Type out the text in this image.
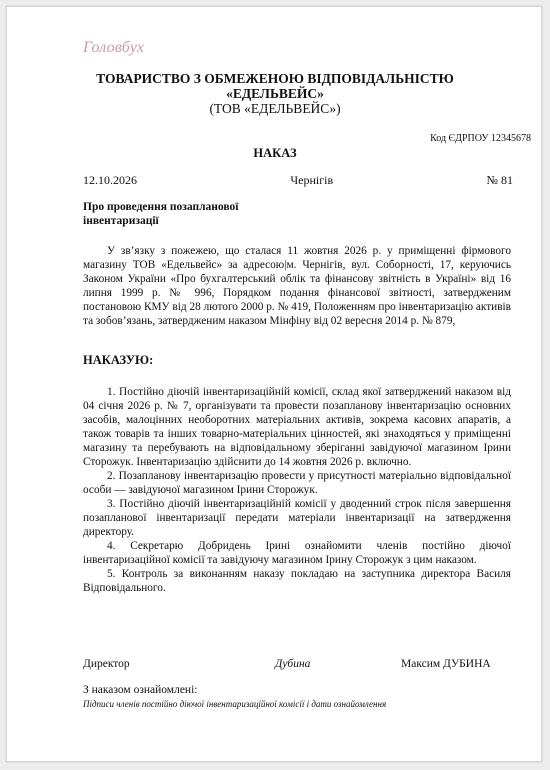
Головбух
ТОВАРИСТВО З ОБМЕЖЕНОЮ ВІДПОВІДАЛЬНІСТЮ
«ЕДЕЛЬВЕЙС»
(ТОВ «ЕДЕЛЬВЕЙС»)
Код ЄДРПОУ 12345678
НАКАЗ
12.10.2026	Чернігів	№ 81
Про проведення позапланової інвентаризації
У зв’язку з пожежею, що сталася 11 жовтня 2026 р. у приміщенні фірмового магазину ТОВ «Едельвейс» за адресою|м. Чернігів, вул. Соборності, 17, керуючись Законом України «Про бухгалтерський облік та фінансову звітність в Україні» від 16 липня 1999 р. № 996, Порядком подання фінансової звітності, затвердженим постановою КМУ від 28 лютого 2000 р. № 419, Положенням про інвентаризацію активів та зобов’язань, затвердженим наказом Мінфіну від 02 вересня 2014 р. № 879,
НАКАЗУЮ:

1. Постійно діючій інвентаризаційній комісії, склад якої затверджений наказом від 04 січня 2026 р. № 7, організувати та провести позапланову інвентаризацію основних засобів, малоцінних необоротних матеріальних активів, зокрема касових апаратів, а також товарів та інших товарно-матеріальних цінностей, які знаходяться у приміщенні магазину та перебувають на відповідальному зберіганні завідуючої магазином Ірини Сторожук. Інвентаризацію здійснити до 14 жовтня 2026 р. включно.

2. Позапланову інвентаризацію провести у присутності матеріально відповідальної особи — завідуючої магазином Ірини Сторожук.

3. Постійно діючій інвентаризаційній комісії у дводенний строк після завершення позапланової інвентаризації передати матеріали інвентаризації на затвердження директору.

4. Секретарю Добридень Ірині ознайомити членів постійно діючої інвентаризаційної комісії та завідуючу магазином Ірину Сторожук з цим наказом.

5. Контроль за виконанням наказу покладаю на заступника директора Василя Відповідального.

Директор	Дубина	Максим ДУБИНА
З наказом ознайомлені:
Підписи членів постійно діючої інвентаризаційної комісії і дати ознайомлення
